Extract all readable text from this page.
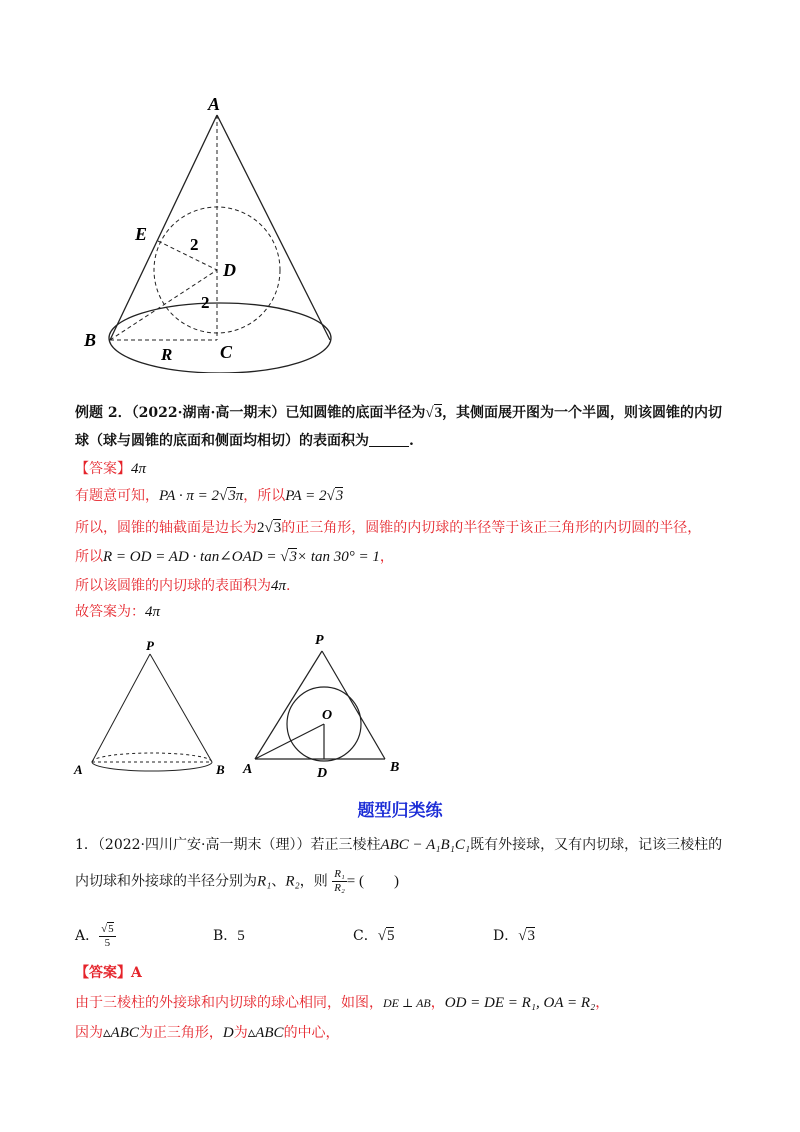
A
E
2
D
2
B
R	C
例题 2．（2022·湖南·高一期末）已知圆锥的底面半径为√3，其侧面展开图为一个半圆，则该圆锥的内切
球（球与圆锥的底面和侧面均相切）的表面积为	.
【答案】4π
有题意可知，PA · π = 2√3π，所以PA = 2√3
所以，圆锥的轴截面是边长为2√3的正三角形，圆锥的内切球的半径等于该正三角形的内切圆的半径，
所以R = OD = AD · tan∠OAD = √3× tan 30° = 1，
所以该圆锥的内切球的表面积为4π.
故答案为：4π
P
A	B
P
O
A	D	B
题型归类练
1．（2022·四川广安·高一期末（理））若正三棱柱ABC − A₁B₁C₁既有外接球，又有内切球，记该三棱柱的
内切球和外接球的半径分别为R₁、R₂，则 $\frac{\text{R₁}}{\text{R₂}}$ = (　　)
A． $\frac{√5}{5}$	B．5	C．√5	D．√3
【答案】A
由于三棱柱的外接球和内切球的球心相同，如图，DE ⊥ AB，OD = DE = R₁, OA = R₂，
因为▵ABC为正三角形，D为▵ABC的中心，
